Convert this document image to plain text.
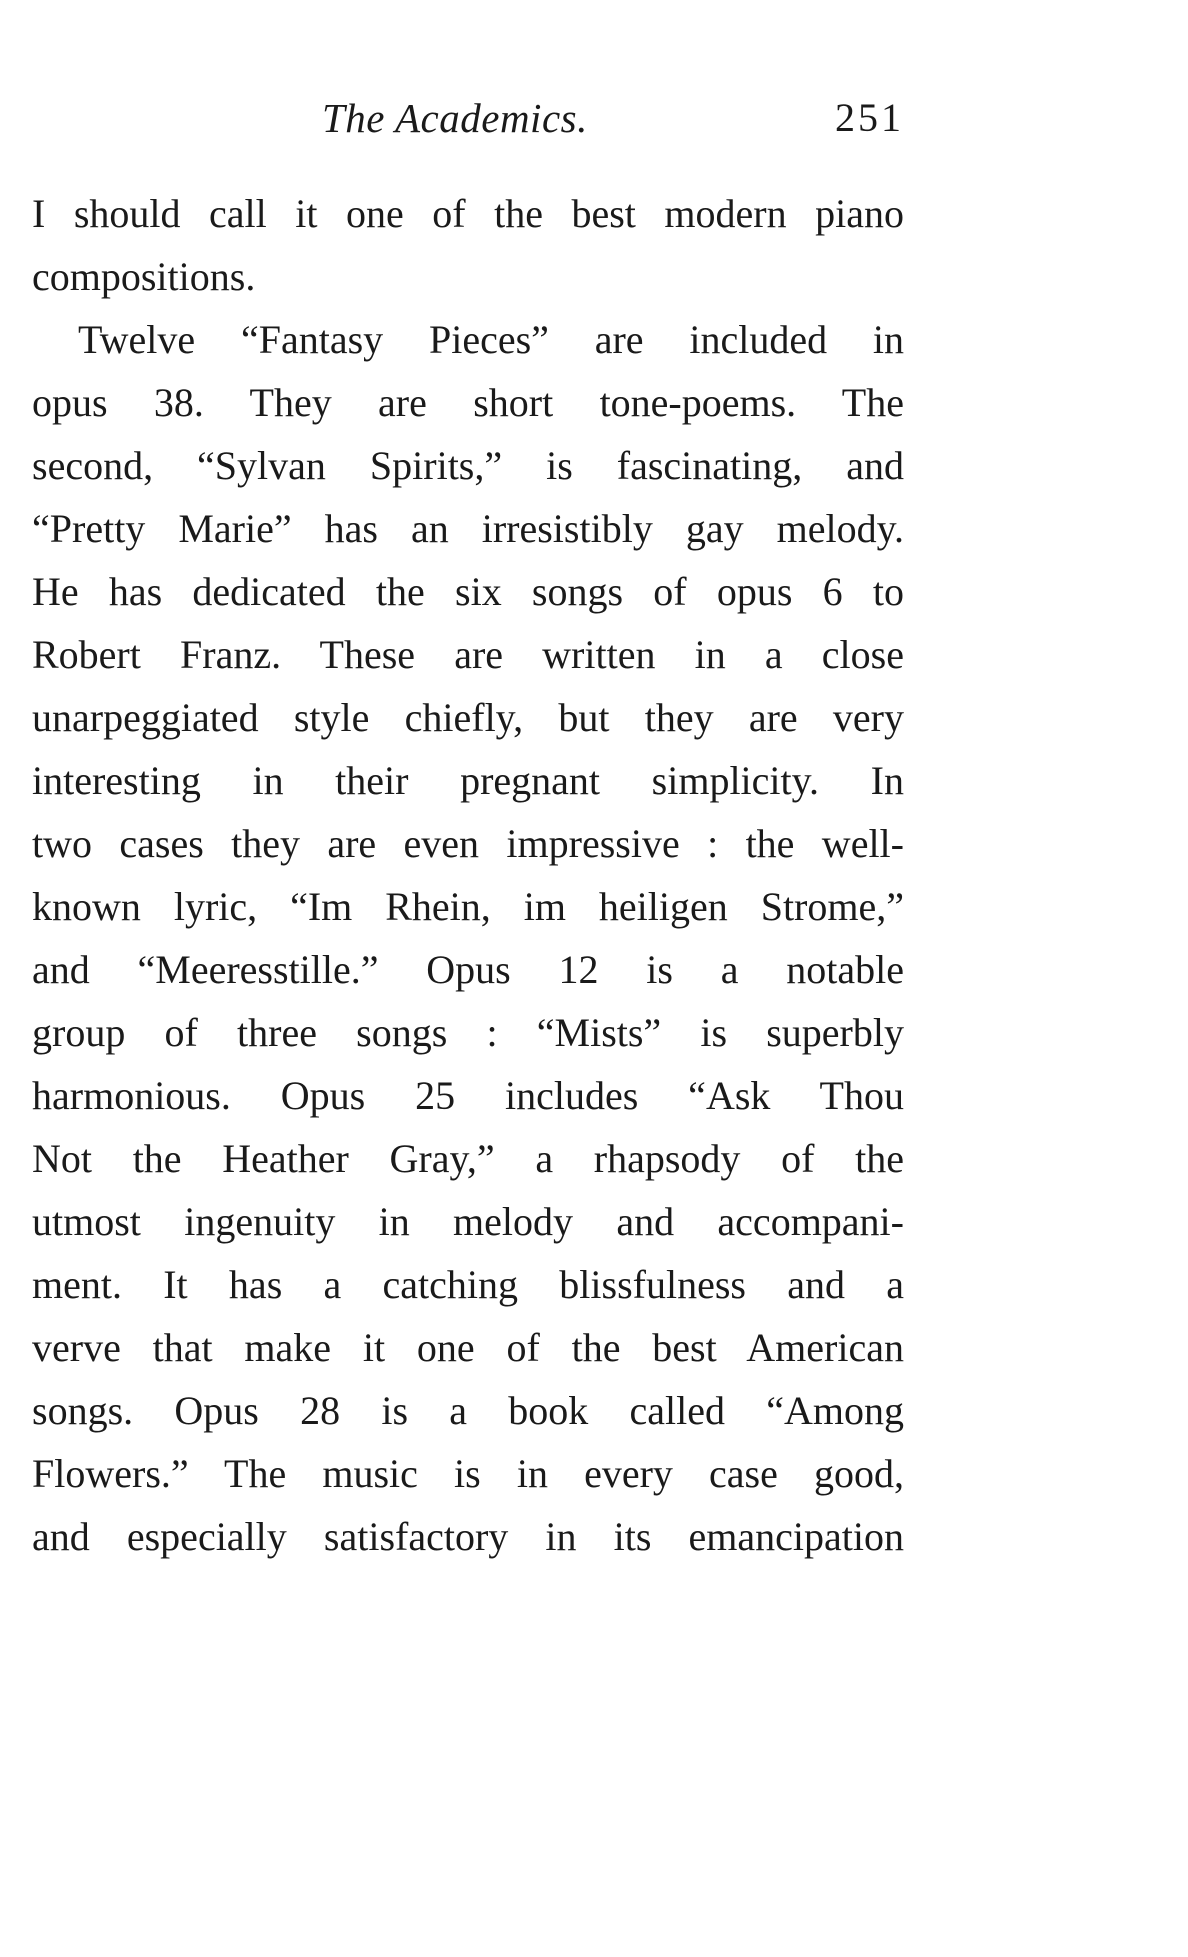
The Academics.	251
I should call it one of the best modern piano
compositions.
Twelve “Fantasy Pieces” are included in
opus 38. They are short tone-poems. The
second, “Sylvan Spirits,” is fascinating, and
“Pretty Marie” has an irresistibly gay melody.
He has dedicated the six songs of opus 6 to
Robert Franz. These are written in a close
unarpeggiated style chiefly, but they are very
interesting in their pregnant simplicity. In
two cases they are even impressive : the well-
known lyric, “Im Rhein, im heiligen Strome,”
and “Meeresstille.” Opus 12 is a notable
group of three songs : “Mists” is superbly
harmonious. Opus 25 includes “Ask Thou
Not the Heather Gray,” a rhapsody of the
utmost ingenuity in melody and accompani-
ment. It has a catching blissfulness and a
verve that make it one of the best American
songs. Opus 28 is a book called “Among
Flowers.” The music is in every case good,
and especially satisfactory in its emancipation
